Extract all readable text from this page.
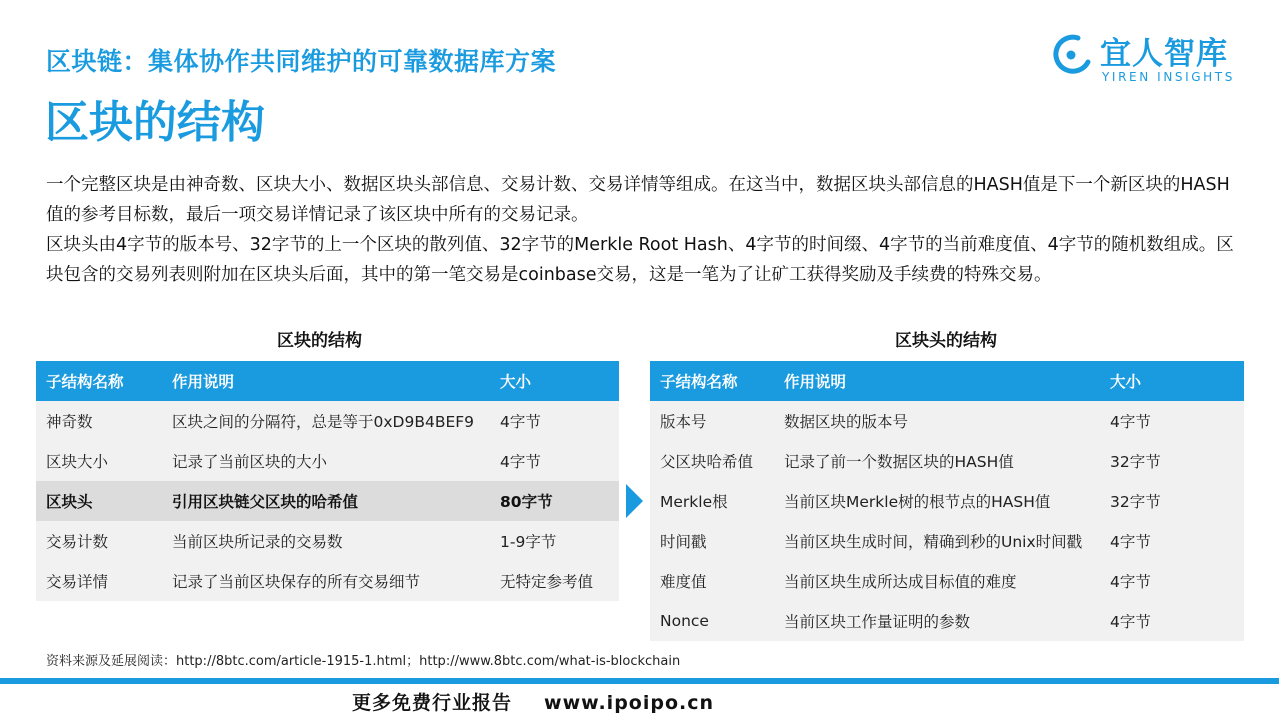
区块链：集体协作共同维护的可靠数据库方案
区块的结构
宜人智库
YIREN INSIGHTS

一个完整区块是由神奇数、区块大小、数据区块头部信息、交易计数、交易详情等组成。在这当中，数据区块头部信息的HASH值是下一个新区块的HASH值的参考目标数，最后一项交易详情记录了该区块中所有的交易记录。

区块头由4字节的版本号、32字节的上一个区块的散列值、32字节的Merkle Root Hash、4字节的时间缀、4字节的当前难度值、4字节的随机数组成。区块包含的交易列表则附加在区块头后面，其中的第一笔交易是coinbase交易，这是一笔为了让矿工获得奖励及手续费的特殊交易。

区块的结构	区块头的结构
子结构名称	作用说明	大小
神奇数	区块之间的分隔符，总是等于0xD9B4BEF9	4字节
区块大小	记录了当前区块的大小	4字节
区块头	引用区块链父区块的哈希值	80字节
交易计数	当前区块所记录的交易数	1-9字节
交易详情	记录了当前区块保存的所有交易细节	无特定参考值
子结构名称	作用说明	大小
版本号	数据区块的版本号	4字节
父区块哈希值	记录了前一个数据区块的HASH值	32字节
Merkle根	当前区块Merkle树的根节点的HASH值	32字节
时间戳	当前区块生成时间，精确到秒的Unix时间戳	4字节
难度值	当前区块生成所达成目标值的难度	4字节
Nonce	当前区块工作量证明的参数	4字节
资料来源及延展阅读：http://8btc.com/article-1915-1.html；http://www.8btc.com/what-is-blockchain
更多免费行业报告 www.ipoipo.cn
